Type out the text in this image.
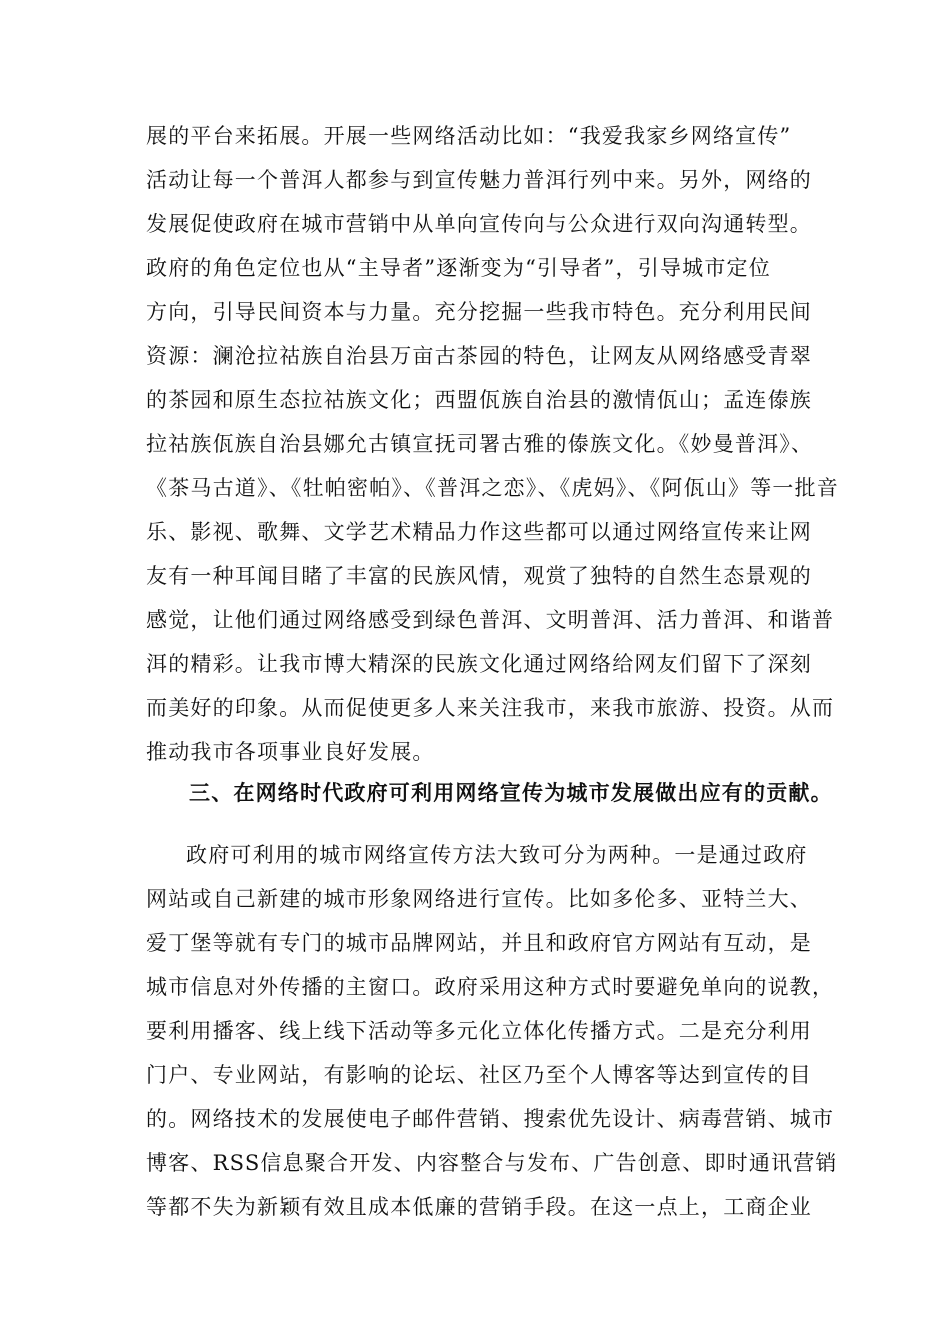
展的平台来拓展。开展一些网络活动比如：“我爱我家乡网络宣传”
活动让每一个普洱人都参与到宣传魅力普洱行列中来。另外，网络的
发展促使政府在城市营销中从单向宣传向与公众进行双向沟通转型。
政府的角色定位也从“主导者”逐渐变为“引导者”，引导城市定位
方向，引导民间资本与力量。充分挖掘一些我市特色。充分利用民间
资源：澜沧拉祜族自治县万亩古茶园的特色，让网友从网络感受青翠
的茶园和原生态拉祜族文化；西盟佤族自治县的激情佤山；孟连傣族
拉祜族佤族自治县娜允古镇宣抚司署古雅的傣族文化。《妙曼普洱》、
《茶马古道》、《牡帕密帕》、《普洱之恋》、《虎妈》、《阿佤山》等一批音
乐、影视、歌舞、文学艺术精品力作这些都可以通过网络宣传来让网
友有一种耳闻目睹了丰富的民族风情，观赏了独特的自然生态景观的
感觉，让他们通过网络感受到绿色普洱、文明普洱、活力普洱、和谐普
洱的精彩。让我市博大精深的民族文化通过网络给网友们留下了深刻
而美好的印象。从而促使更多人来关注我市，来我市旅游、投资。从而
推动我市各项事业良好发展。
三、在网络时代政府可利用网络宣传为城市发展做出应有的贡献。
政府可利用的城市网络宣传方法大致可分为两种。一是通过政府
网站或自己新建的城市形象网络进行宣传。比如多伦多、亚特兰大、
爱丁堡等就有专门的城市品牌网站，并且和政府官方网站有互动，是
城市信息对外传播的主窗口。政府采用这种方式时要避免单向的说教，
要利用播客、线上线下活动等多元化立体化传播方式。二是充分利用
门户、专业网站，有影响的论坛、社区乃至个人博客等达到宣传的目
的。网络技术的发展使电子邮件营销、搜索优先设计、病毒营销、城市
博客、RSS信息聚合开发、内容整合与发布、广告创意、即时通讯营销
等都不失为新颖有效且成本低廉的营销手段。在这一点上，工商企业
